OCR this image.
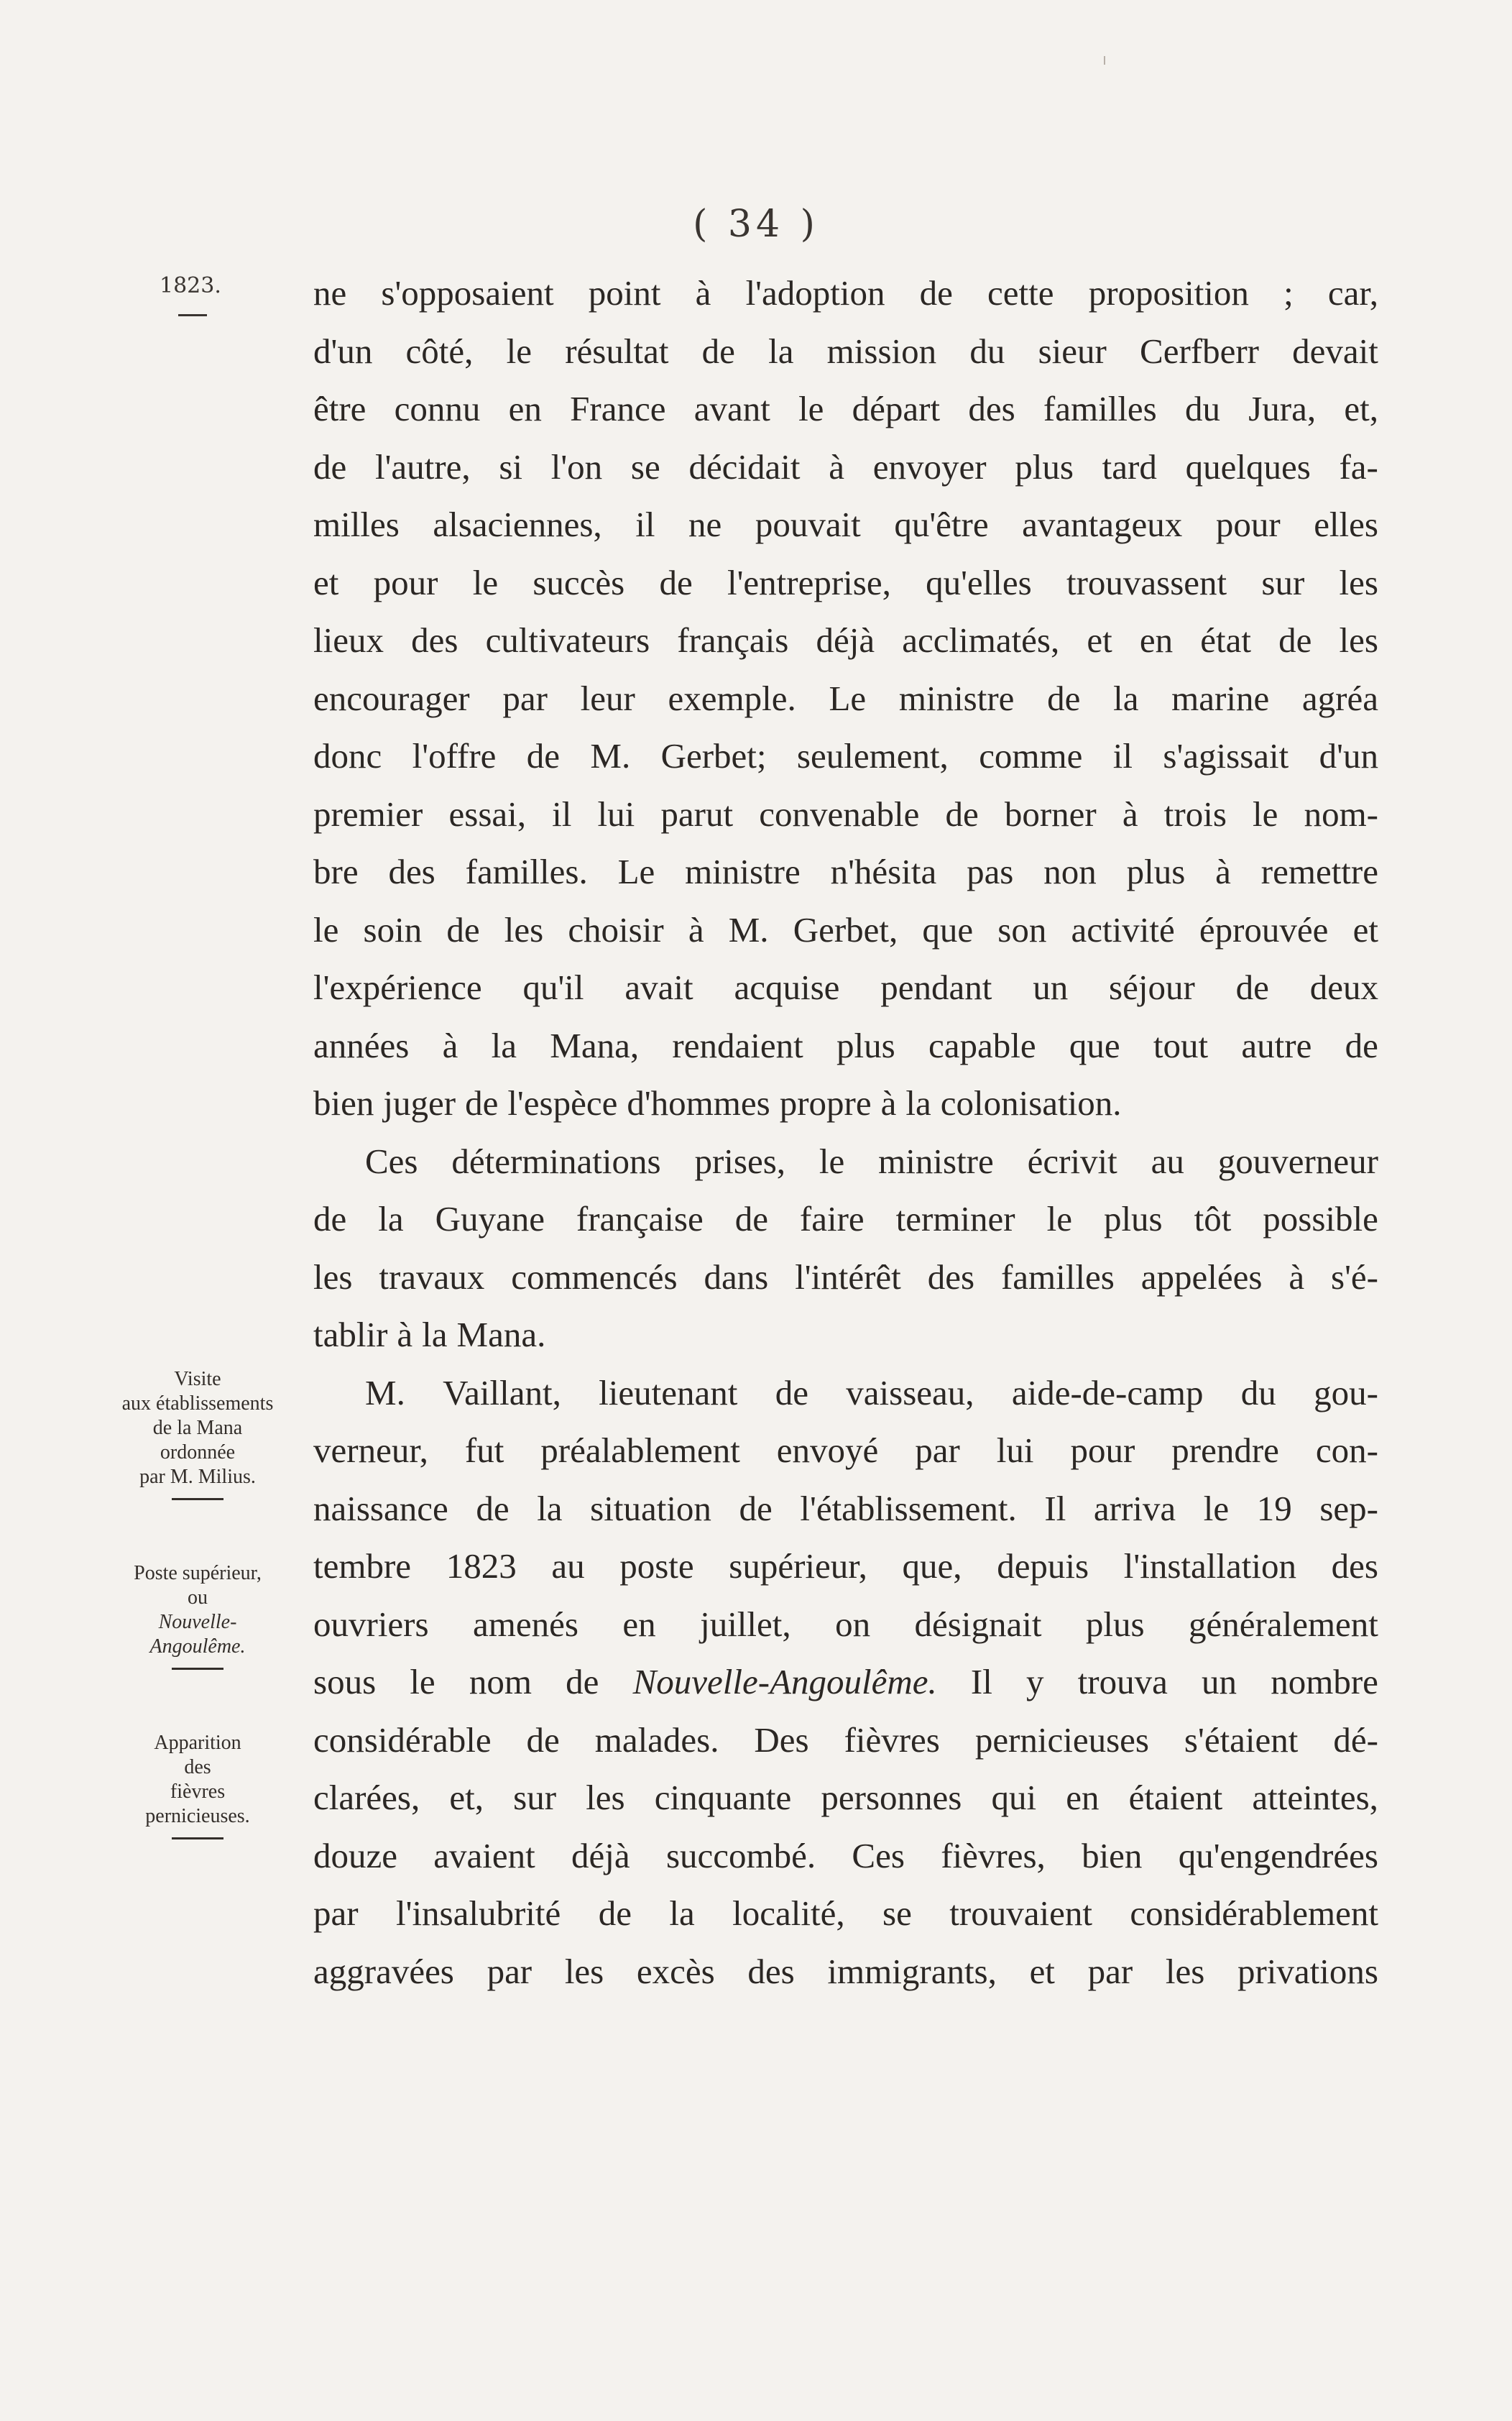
( 34 )
1823.
Visite
aux établissements
de la Mana
ordonnée
par M. Milius.
Poste supérieur,
ou
Nouvelle-
Angoulême.
Apparition
des
fièvres
pernicieuses.
ne s'opposaient point à l'adoption de cette proposition ; car,
d'un côté, le résultat de la mission du sieur Cerfberr devait
être connu en France avant le départ des familles du Jura, et,
de l'autre, si l'on se décidait à envoyer plus tard quelques fa-
milles alsaciennes, il ne pouvait qu'être avantageux pour elles
et pour le succès de l'entreprise, qu'elles trouvassent sur les
lieux des cultivateurs français déjà acclimatés, et en état de les
encourager par leur exemple. Le ministre de la marine agréa
donc l'offre de M. Gerbet; seulement, comme il s'agissait d'un
premier essai, il lui parut convenable de borner à trois le nom-
bre des familles. Le ministre n'hésita pas non plus à remettre
le soin de les choisir à M. Gerbet, que son activité éprouvée et
l'expérience qu'il avait acquise pendant un séjour de deux
années à la Mana, rendaient plus capable que tout autre de
bien juger de l'espèce d'hommes propre à la colonisation.
Ces déterminations prises, le ministre écrivit au gouverneur
de la Guyane française de faire terminer le plus tôt possible
les travaux commencés dans l'intérêt des familles appelées à s'é-
tablir à la Mana.
M. Vaillant, lieutenant de vaisseau, aide-de-camp du gou-
verneur, fut préalablement envoyé par lui pour prendre con-
naissance de la situation de l'établissement. Il arriva le 19 sep-
tembre 1823 au poste supérieur, que, depuis l'installation des
ouvriers amenés en juillet, on désignait plus généralement
sous le nom de Nouvelle-Angoulême. Il y trouva un nombre
considérable de malades. Des fièvres pernicieuses s'étaient dé-
clarées, et, sur les cinquante personnes qui en étaient atteintes,
douze avaient déjà succombé. Ces fièvres, bien qu'engendrées
par l'insalubrité de la localité, se trouvaient considérablement
aggravées par les excès des immigrants, et par les privations
